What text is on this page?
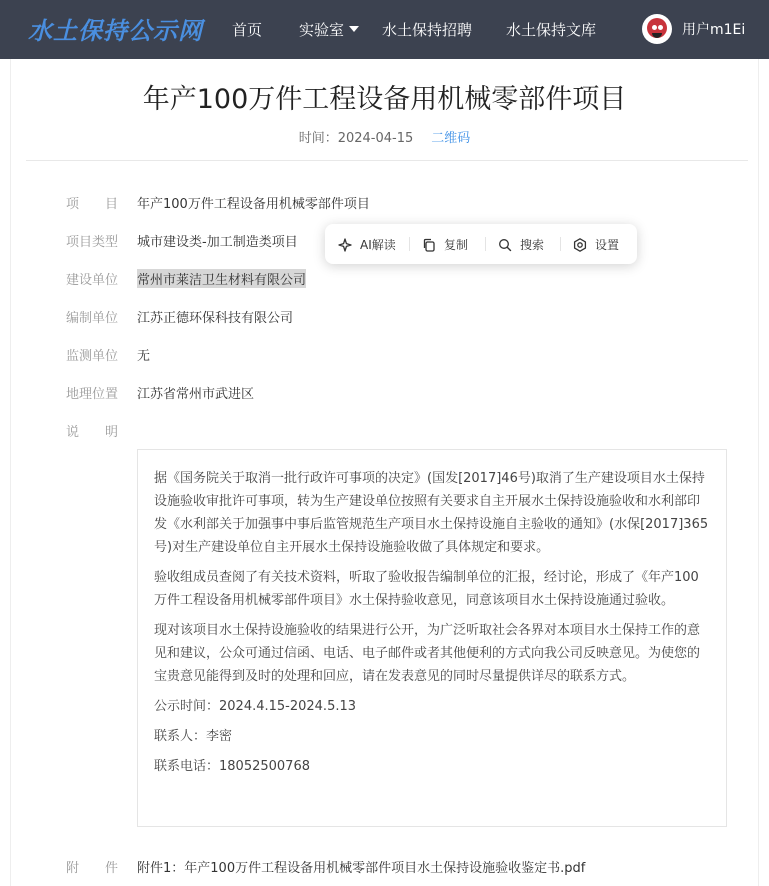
水土保持公示网 首页 实验室	水土保持招聘 水土保持文库	用户m1Ei
年产100万件工程设备用机械零部件项目
时间：2024-04-15 二维码
项　　目	年产100万件工程设备用机械零部件项目
项目类型	城市建设类-加工制造类项目
建设单位	常州市莱洁卫生材料有限公司
编制单位	江苏正德环保科技有限公司
监测单位	无
地理位置	江苏省常州市武进区
说　　明

据《国务院关于取消一批行政许可事项的决定》(国发[2017]46号)取消了生产建设项目水土保持设施验收审批许可事项，转为生产建设单位按照有关要求自主开展水土保持设施验收和水利部印发《水利部关于加强事中事后监管规范生产项目水土保持设施自主验收的通知》(水保[2017]365号)对生产建设单位自主开展水土保持设施验收做了具体规定和要求。

验收组成员查阅了有关技术资料，听取了验收报告编制单位的汇报，经讨论，形成了《年产100万件工程设备用机械零部件项目》水土保持验收意见，同意该项目水土保持设施通过验收。

现对该项目水土保持设施验收的结果进行公开，为广泛听取社会各界对本项目水土保持工作的意见和建议，公众可通过信函、电话、电子邮件或者其他便利的方式向我公司反映意见。为使您的宝贵意见能得到及时的处理和回应，请在发表意见的同时尽量提供详尽的联系方式。

公示时间：2024.4.15-2024.5.13

联系人：李密

联系电话：18052500768

附　　件	附件1：年产100万件工程设备用机械零部件项目水土保持设施验收鉴定书.pdf
AI解读	复制	搜索	设置
